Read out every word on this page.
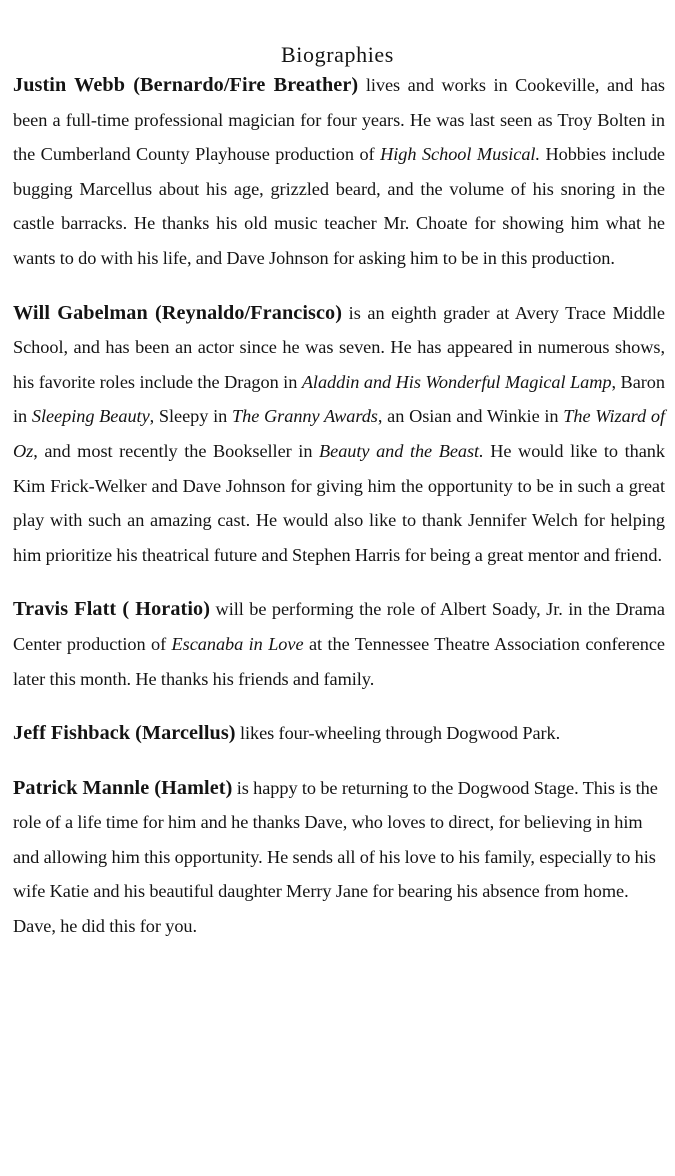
Biographies

Justin Webb (Bernardo/Fire Breather) lives and works in Cookeville, and has been a full-time professional magician for four years. He was last seen as Troy Bolten in the Cumberland County Playhouse production of High School Musical. Hobbies include bugging Marcellus about his age, grizzled beard, and the volume of his snoring in the castle barracks. He thanks his old music teacher Mr. Choate for showing him what he wants to do with his life, and Dave Johnson for asking him to be in this production.

Will Gabelman (Reynaldo/Francisco) is an eighth grader at Avery Trace Middle School, and has been an actor since he was seven. He has appeared in numerous shows, his favorite roles include the Dragon in Aladdin and His Wonderful Magical Lamp, Baron in Sleeping Beauty, Sleepy in The Granny Awards, an Osian and Winkie in The Wizard of Oz, and most recently the Bookseller in Beauty and the Beast. He would like to thank Kim Frick-Welker and Dave Johnson for giving him the opportunity to be in such a great play with such an amazing cast. He would also like to thank Jennifer Welch for helping him prioritize his theatrical future and Stephen Harris for being a great mentor and friend.

Travis Flatt ( Horatio) will be performing the role of Albert Soady, Jr. in the Drama Center production of Escanaba in Love at the Tennessee Theatre Association conference later this month. He thanks his friends and family.

Jeff Fishback (Marcellus) likes four-wheeling through Dogwood Park.

Patrick Mannle (Hamlet) is happy to be returning to the Dogwood Stage. This is the role of a life time for him and he thanks Dave, who loves to direct, for believing in him and allowing him this opportunity. He sends all of his love to his family, especially to his wife Katie and his beautiful daughter Merry Jane for bearing his absence from home. Dave, he did this for you.
